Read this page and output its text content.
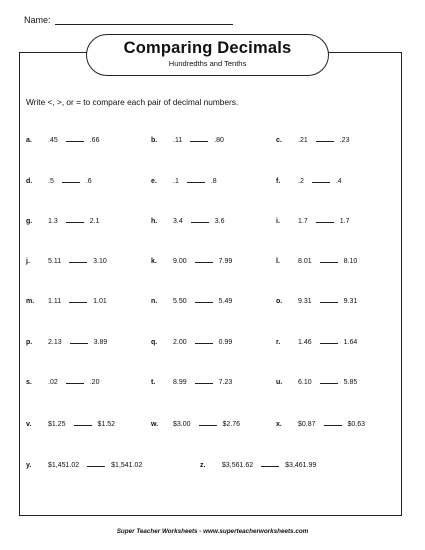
Name:
Comparing Decimals
Hundredths and Tenths
Write <, >, or = to compare each pair of decimal numbers.
a.	.45	.66	b.	.11	.80	c.	.21	.23
d.	.5	.6	e.	.1	.8	f.	.2	.4
g.	1.3	2.1	h.	3.4	3.6	i.	1.7	1.7
j.	5.11	3.10	k.	9.00	7.99	l.	8.01	8.10
m.	1.11	1.01	n.	5.50	5.49	o.	9.31	9.31
p.	2.13	3.89	q.	2.00	0.99	r.	1.46	1.64
s.	.02	.20	t.	8.99	7.23	u.	6.10	5.85
v.	$1.25	$1.52	w.	$3.00	$2.76	x.	$0.87	$0.63
y.	$1,451.02	$1,541.02	z.	$3,561.62	$3,461.99
Super Teacher Worksheets - www.superteacherworksheets.com
